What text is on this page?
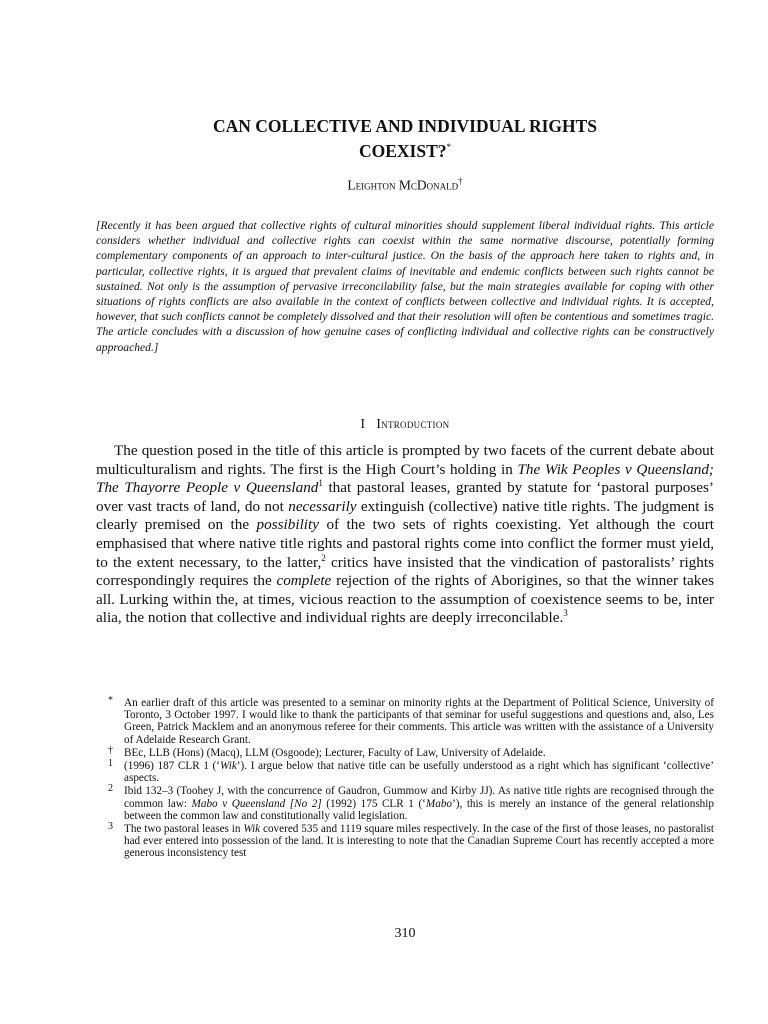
CAN COLLECTIVE AND INDIVIDUAL RIGHTS
COEXIST?*
Leighton McDonald†

[Recently it has been argued that collective rights of cultural minorities should supplement liberal individual rights. This article considers whether individual and collective rights can coexist within the same normative discourse, potentially forming complementary components of an approach to inter-cultural justice. On the basis of the approach here taken to rights and, in particular, collective rights, it is argued that prevalent claims of inevitable and endemic conflicts between such rights cannot be sustained. Not only is the assumption of pervasive irreconcilability false, but the main strategies available for coping with other situations of rights conflicts are also available in the context of conflicts between collective and individual rights. It is accepted, however, that such conflicts cannot be completely dissolved and that their resolution will often be contentious and sometimes tragic. The article concludes with a discussion of how genuine cases of conflicting individual and collective rights can be constructively approached.]

I Introduction

The question posed in the title of this article is prompted by two facets of the current debate about multiculturalism and rights. The first is the High Court’s holding in The Wik Peoples v Queensland; The Thayorre People v Queensland$^1$ that pastoral leases, granted by statute for ‘pastoral purposes’ over vast tracts of land, do not necessarily extinguish (collective) native title rights. The judgment is clearly premised on the possibility of the two sets of rights coexisting. Yet although the court emphasised that where native title rights and pastoral rights come into conflict the former must yield, to the extent necessary, to the latter,$^2$ critics have insisted that the vindication of pastoralists’ rights correspondingly requires the complete rejection of the rights of Aborigines, so that the winner takes all. Lurking within the, at times, vicious reaction to the assumption of coexistence seems to be, inter alia, the notion that collective and individual rights are deeply irreconcilable.$^3$

* An earlier draft of this article was presented to a seminar on minority rights at the Department of Political Science, University of Toronto, 3 October 1997. I would like to thank the participants of that seminar for useful suggestions and questions and, also, Les Green, Patrick Macklem and an anonymous referee for their comments. This article was written with the assistance of a University of Adelaide Research Grant.
† BEc, LLB (Hons) (Macq), LLM (Osgoode); Lecturer, Faculty of Law, University of Adelaide.
1 (1996) 187 CLR 1 (‘Wik’). I argue below that native title can be usefully understood as a right which has significant ‘collective’ aspects.
2 Ibid 132–3 (Toohey J, with the concurrence of Gaudron, Gummow and Kirby JJ). As native title rights are recognised through the common law: Mabo v Queensland [No 2] (1992) 175 CLR 1 (‘Mabo’), this is merely an instance of the general relationship between the common law and constitutionally valid legislation.
3 The two pastoral leases in Wik covered 535 and 1119 square miles respectively. In the case of the first of those leases, no pastoralist had ever entered into possession of the land. It is interesting to note that the Canadian Supreme Court has recently accepted a more generous inconsistency test
310
